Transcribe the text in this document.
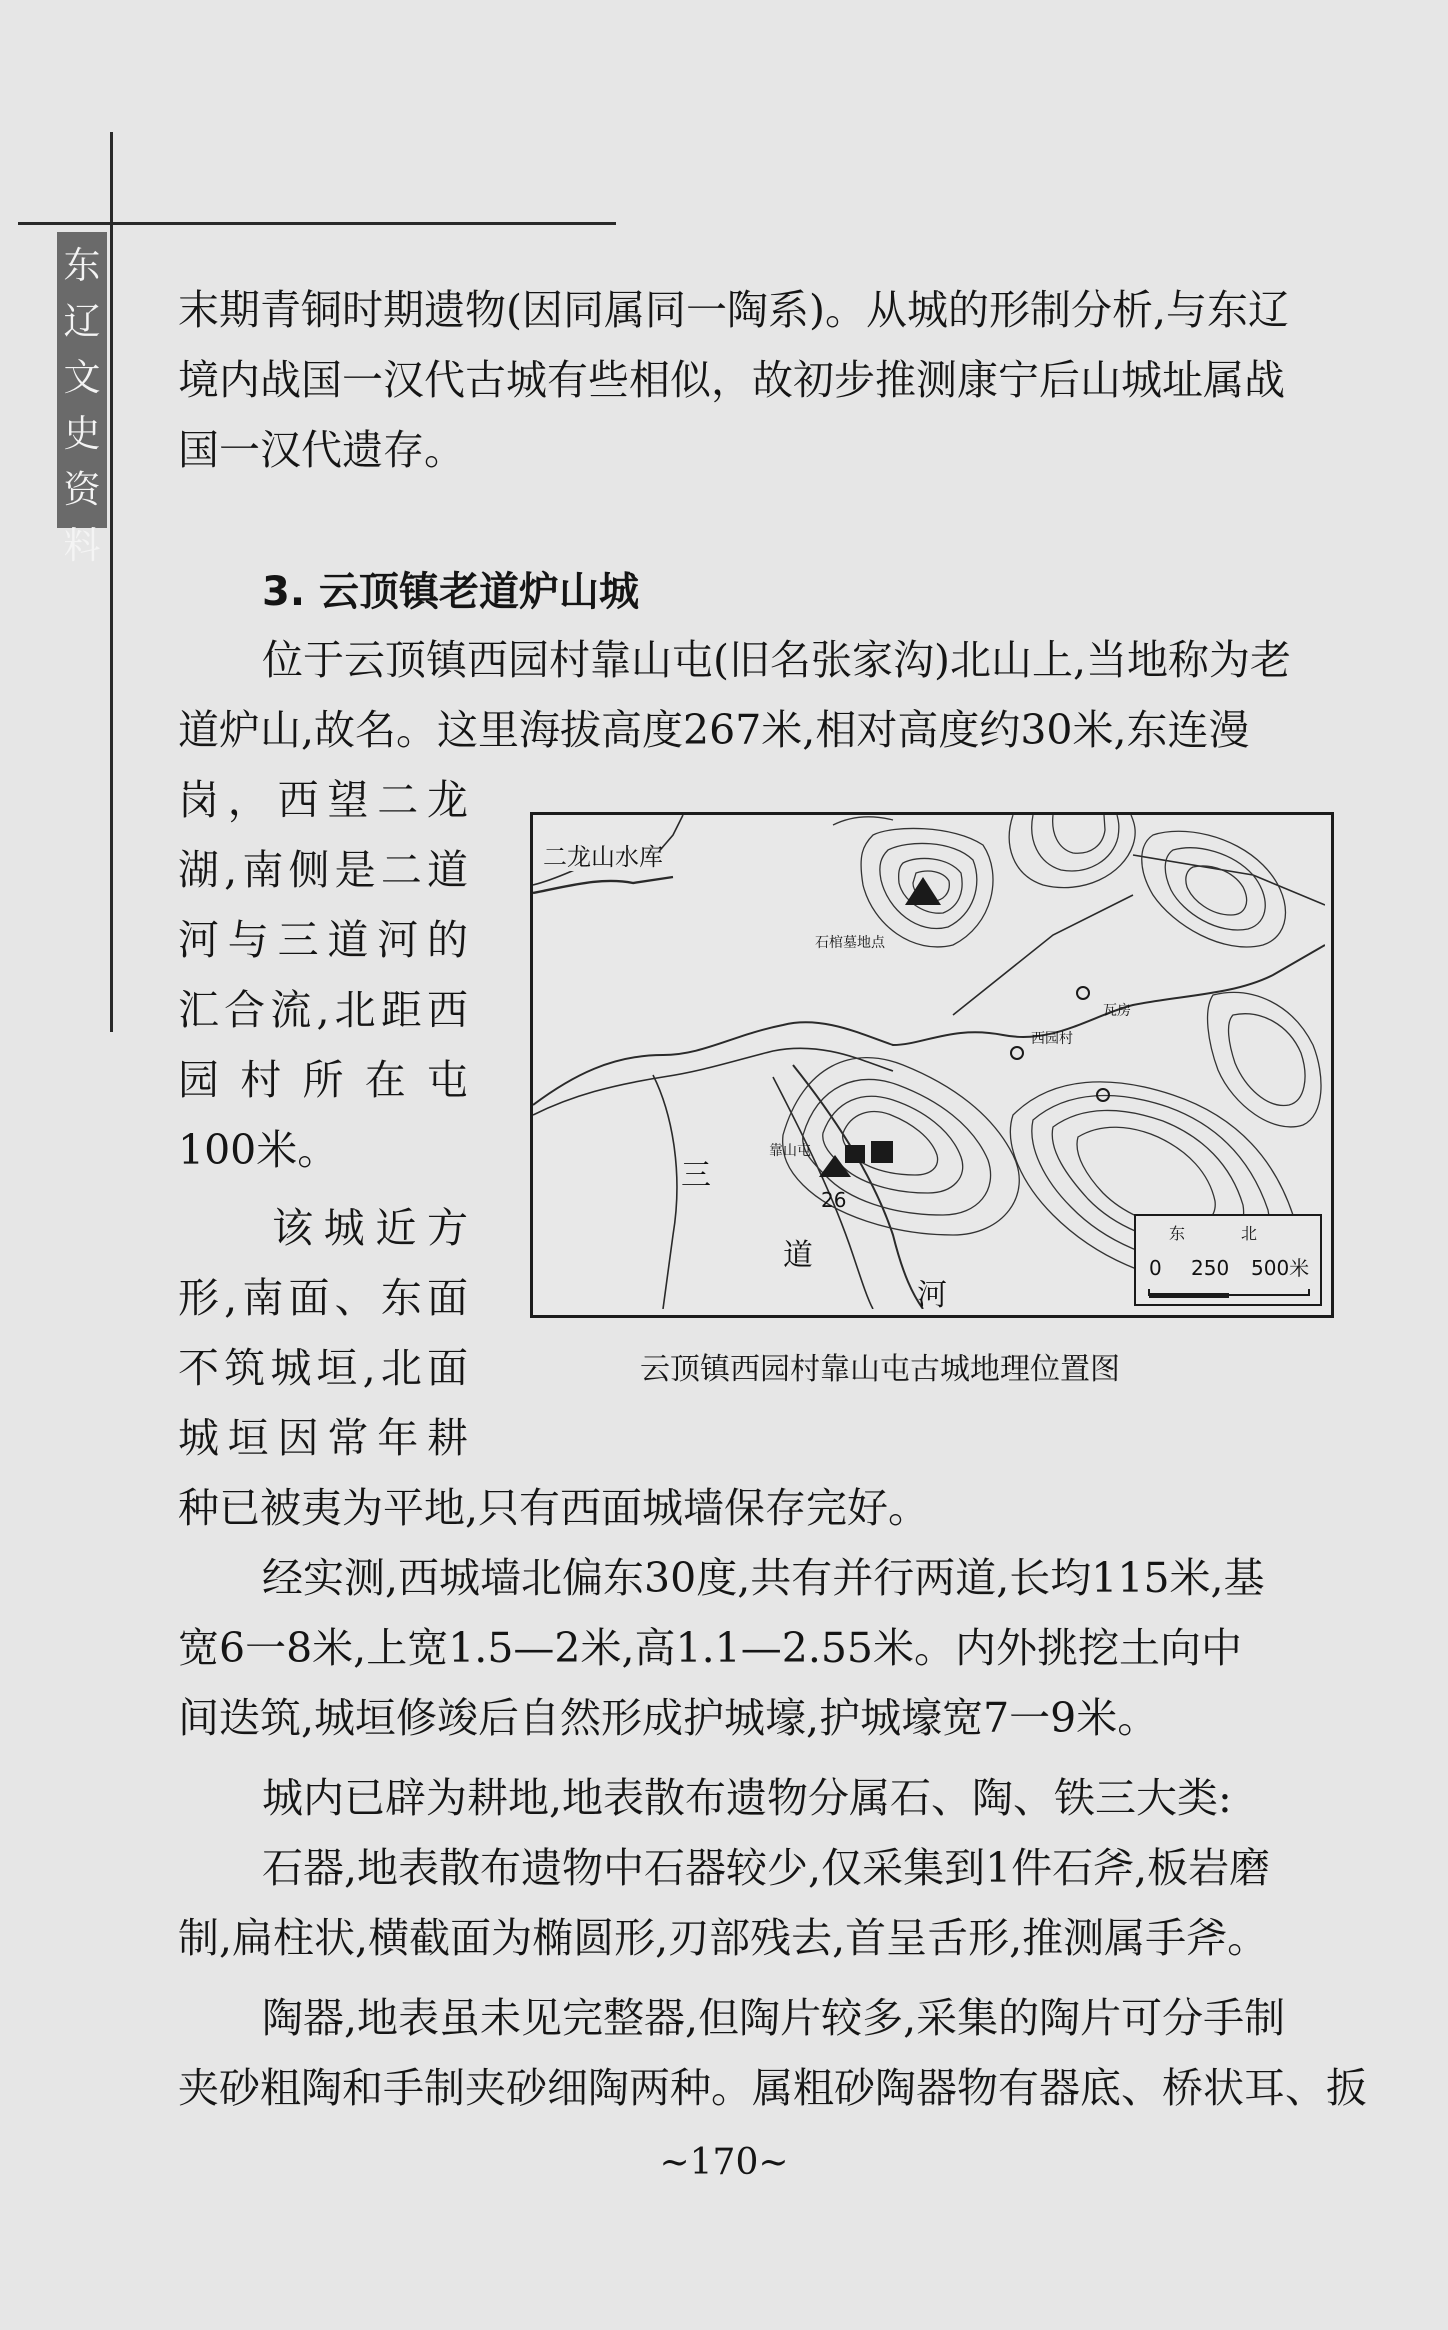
东
辽
文
史
资
料
末期青铜时期遗物(因同属同一陶系)。从城的形制分析,与东辽
境内战国一汉代古城有些相似，故初步推测康宁后山城址属战
国一汉代遗存。
3. 云顶镇老道炉山城
位于云顶镇西园村靠山屯(旧名张家沟)北山上,当地称为老
道炉山,故名。这里海拔高度267米,相对高度约30米,东连漫
岗，西望二龙
湖,南侧是二道
河与三道河的
汇合流,北距西
园村所在屯
100米。
该城近方
形,南面、东面
不筑城垣,北面
城垣因常年耕
二龙山水库
石棺墓地点
靠山屯
西园村
瓦房
26
三
道
河
东	北
0 250 500米
云顶镇西园村靠山屯古城地理位置图
种已被夷为平地,只有西面城墙保存完好。
经实测,西城墙北偏东30度,共有并行两道,长均115米,基
宽6一8米,上宽1.5—2米,高1.1—2.55米。内外挑挖土向中
间迭筑,城垣修竣后自然形成护城壕,护城壕宽7一9米。
城内已辟为耕地,地表散布遗物分属石、陶、铁三大类:
石器,地表散布遗物中石器较少,仅采集到1件石斧,板岩磨
制,扁柱状,横截面为椭圆形,刃部残去,首呈舌形,推测属手斧。
陶器,地表虽未见完整器,但陶片较多,采集的陶片可分手制
夹砂粗陶和手制夹砂细陶两种。属粗砂陶器物有器底、桥状耳、扳
~170~
